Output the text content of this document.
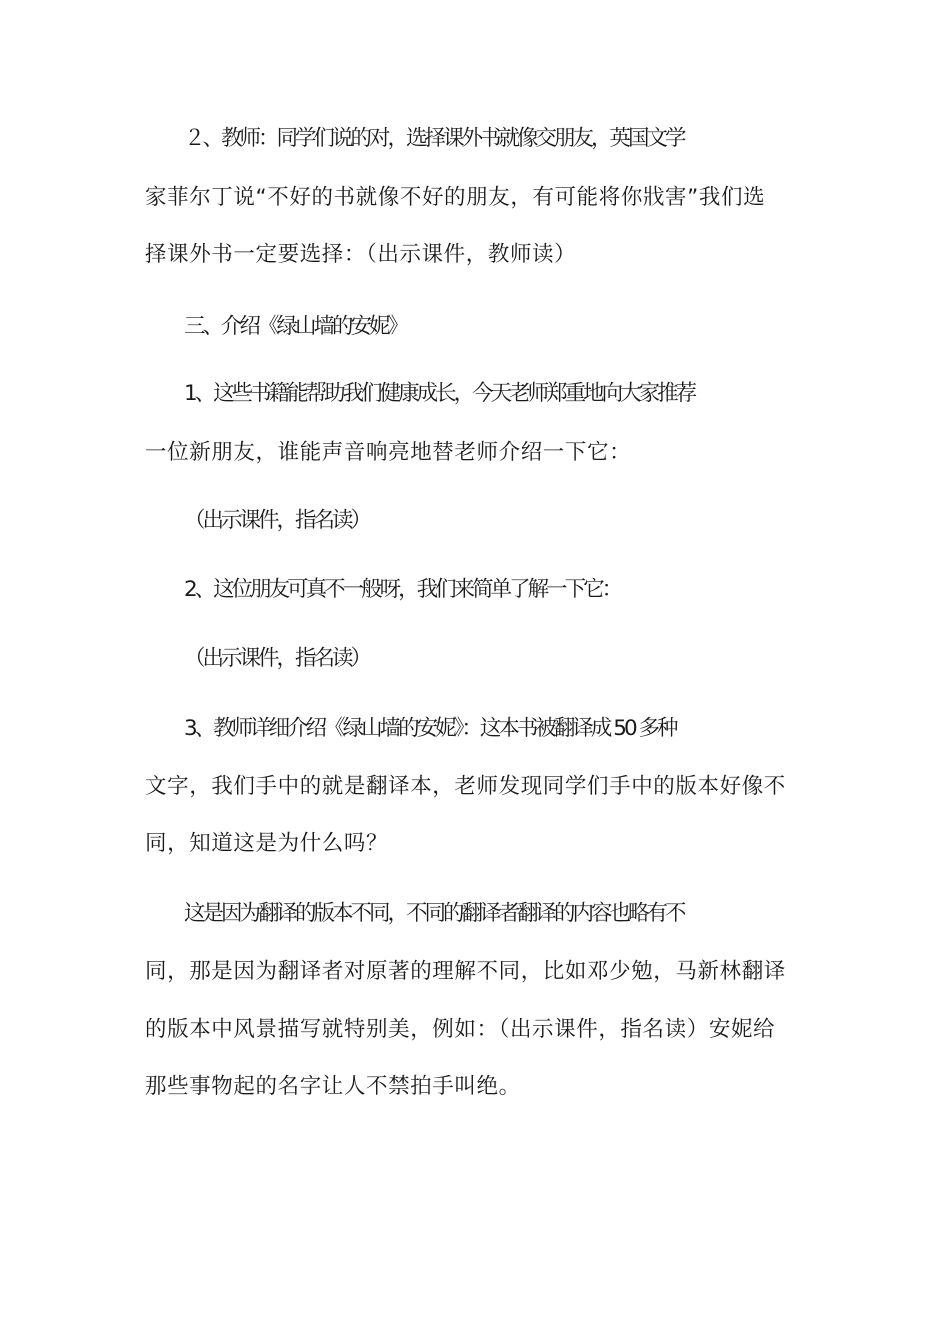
２、教师：同学们说的对，选择课外书就像交朋友，英国文学
家菲尔丁说“不好的书就像不好的朋友，有可能将你戕害”我们选
择课外书一定要选择：（出示课件，教师读）
三、介绍《绿山墙的安妮》
1、这些书籍能帮助我们健康成长，今天老师郑重地向大家推荐
一位新朋友，谁能声音响亮地替老师介绍一下它：
（出示课件，指名读）
2、这位朋友可真不一般呀，我们来简单了解一下它：
（出示课件，指名读）
3、教师详细介绍《绿山墙的安妮》：这本书被翻译成 50 多种
文字，我们手中的就是翻译本，老师发现同学们手中的版本好像不
同，知道这是为什么吗？
这是因为翻译的版本不同，不同的翻译者翻译的内容也略有不
同，那是因为翻译者对原著的理解不同，比如邓少勉，马新林翻译
的版本中风景描写就特别美，例如：（出示课件，指名读）安妮给
那些事物起的名字让人不禁拍手叫绝。
